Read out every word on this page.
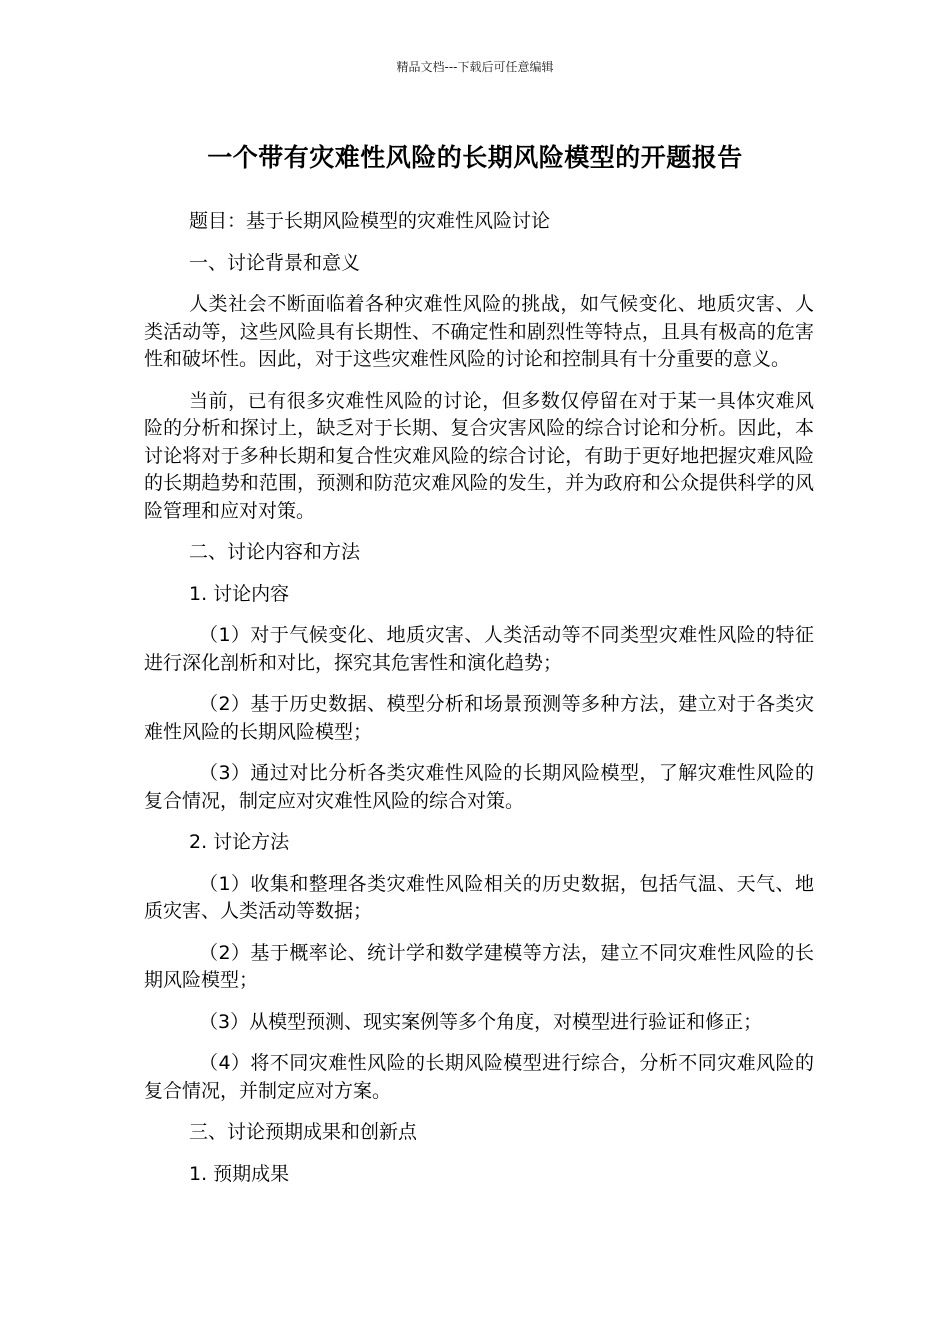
精品文档---下载后可任意编辑
一个带有灾难性风险的长期风险模型的开题报告

题目：基于长期风险模型的灾难性风险讨论

一、讨论背景和意义

人类社会不断面临着各种灾难性风险的挑战，如气候变化、地质灾害、人类活动等，这些风险具有长期性、不确定性和剧烈性等特点，且具有极高的危害性和破坏性。因此，对于这些灾难性风险的讨论和控制具有十分重要的意义。

当前，已有很多灾难性风险的讨论，但多数仅停留在对于某一具体灾难风险的分析和探讨上，缺乏对于长期、复合灾害风险的综合讨论和分析。因此，本讨论将对于多种长期和复合性灾难风险的综合讨论，有助于更好地把握灾难风险的长期趋势和范围，预测和防范灾难风险的发生，并为政府和公众提供科学的风险管理和应对对策。

二、讨论内容和方法

1. 讨论内容

（1）对于气候变化、地质灾害、人类活动等不同类型灾难性风险的特征进行深化剖析和对比，探究其危害性和演化趋势；

（2）基于历史数据、模型分析和场景预测等多种方法，建立对于各类灾难性风险的长期风险模型；

（3）通过对比分析各类灾难性风险的长期风险模型，了解灾难性风险的复合情况，制定应对灾难性风险的综合对策。

2. 讨论方法

（1）收集和整理各类灾难性风险相关的历史数据，包括气温、天气、地质灾害、人类活动等数据；

（2）基于概率论、统计学和数学建模等方法，建立不同灾难性风险的长期风险模型；

（3）从模型预测、现实案例等多个角度，对模型进行验证和修正；

（4）将不同灾难性风险的长期风险模型进行综合，分析不同灾难风险的复合情况，并制定应对方案。

三、讨论预期成果和创新点

1. 预期成果
